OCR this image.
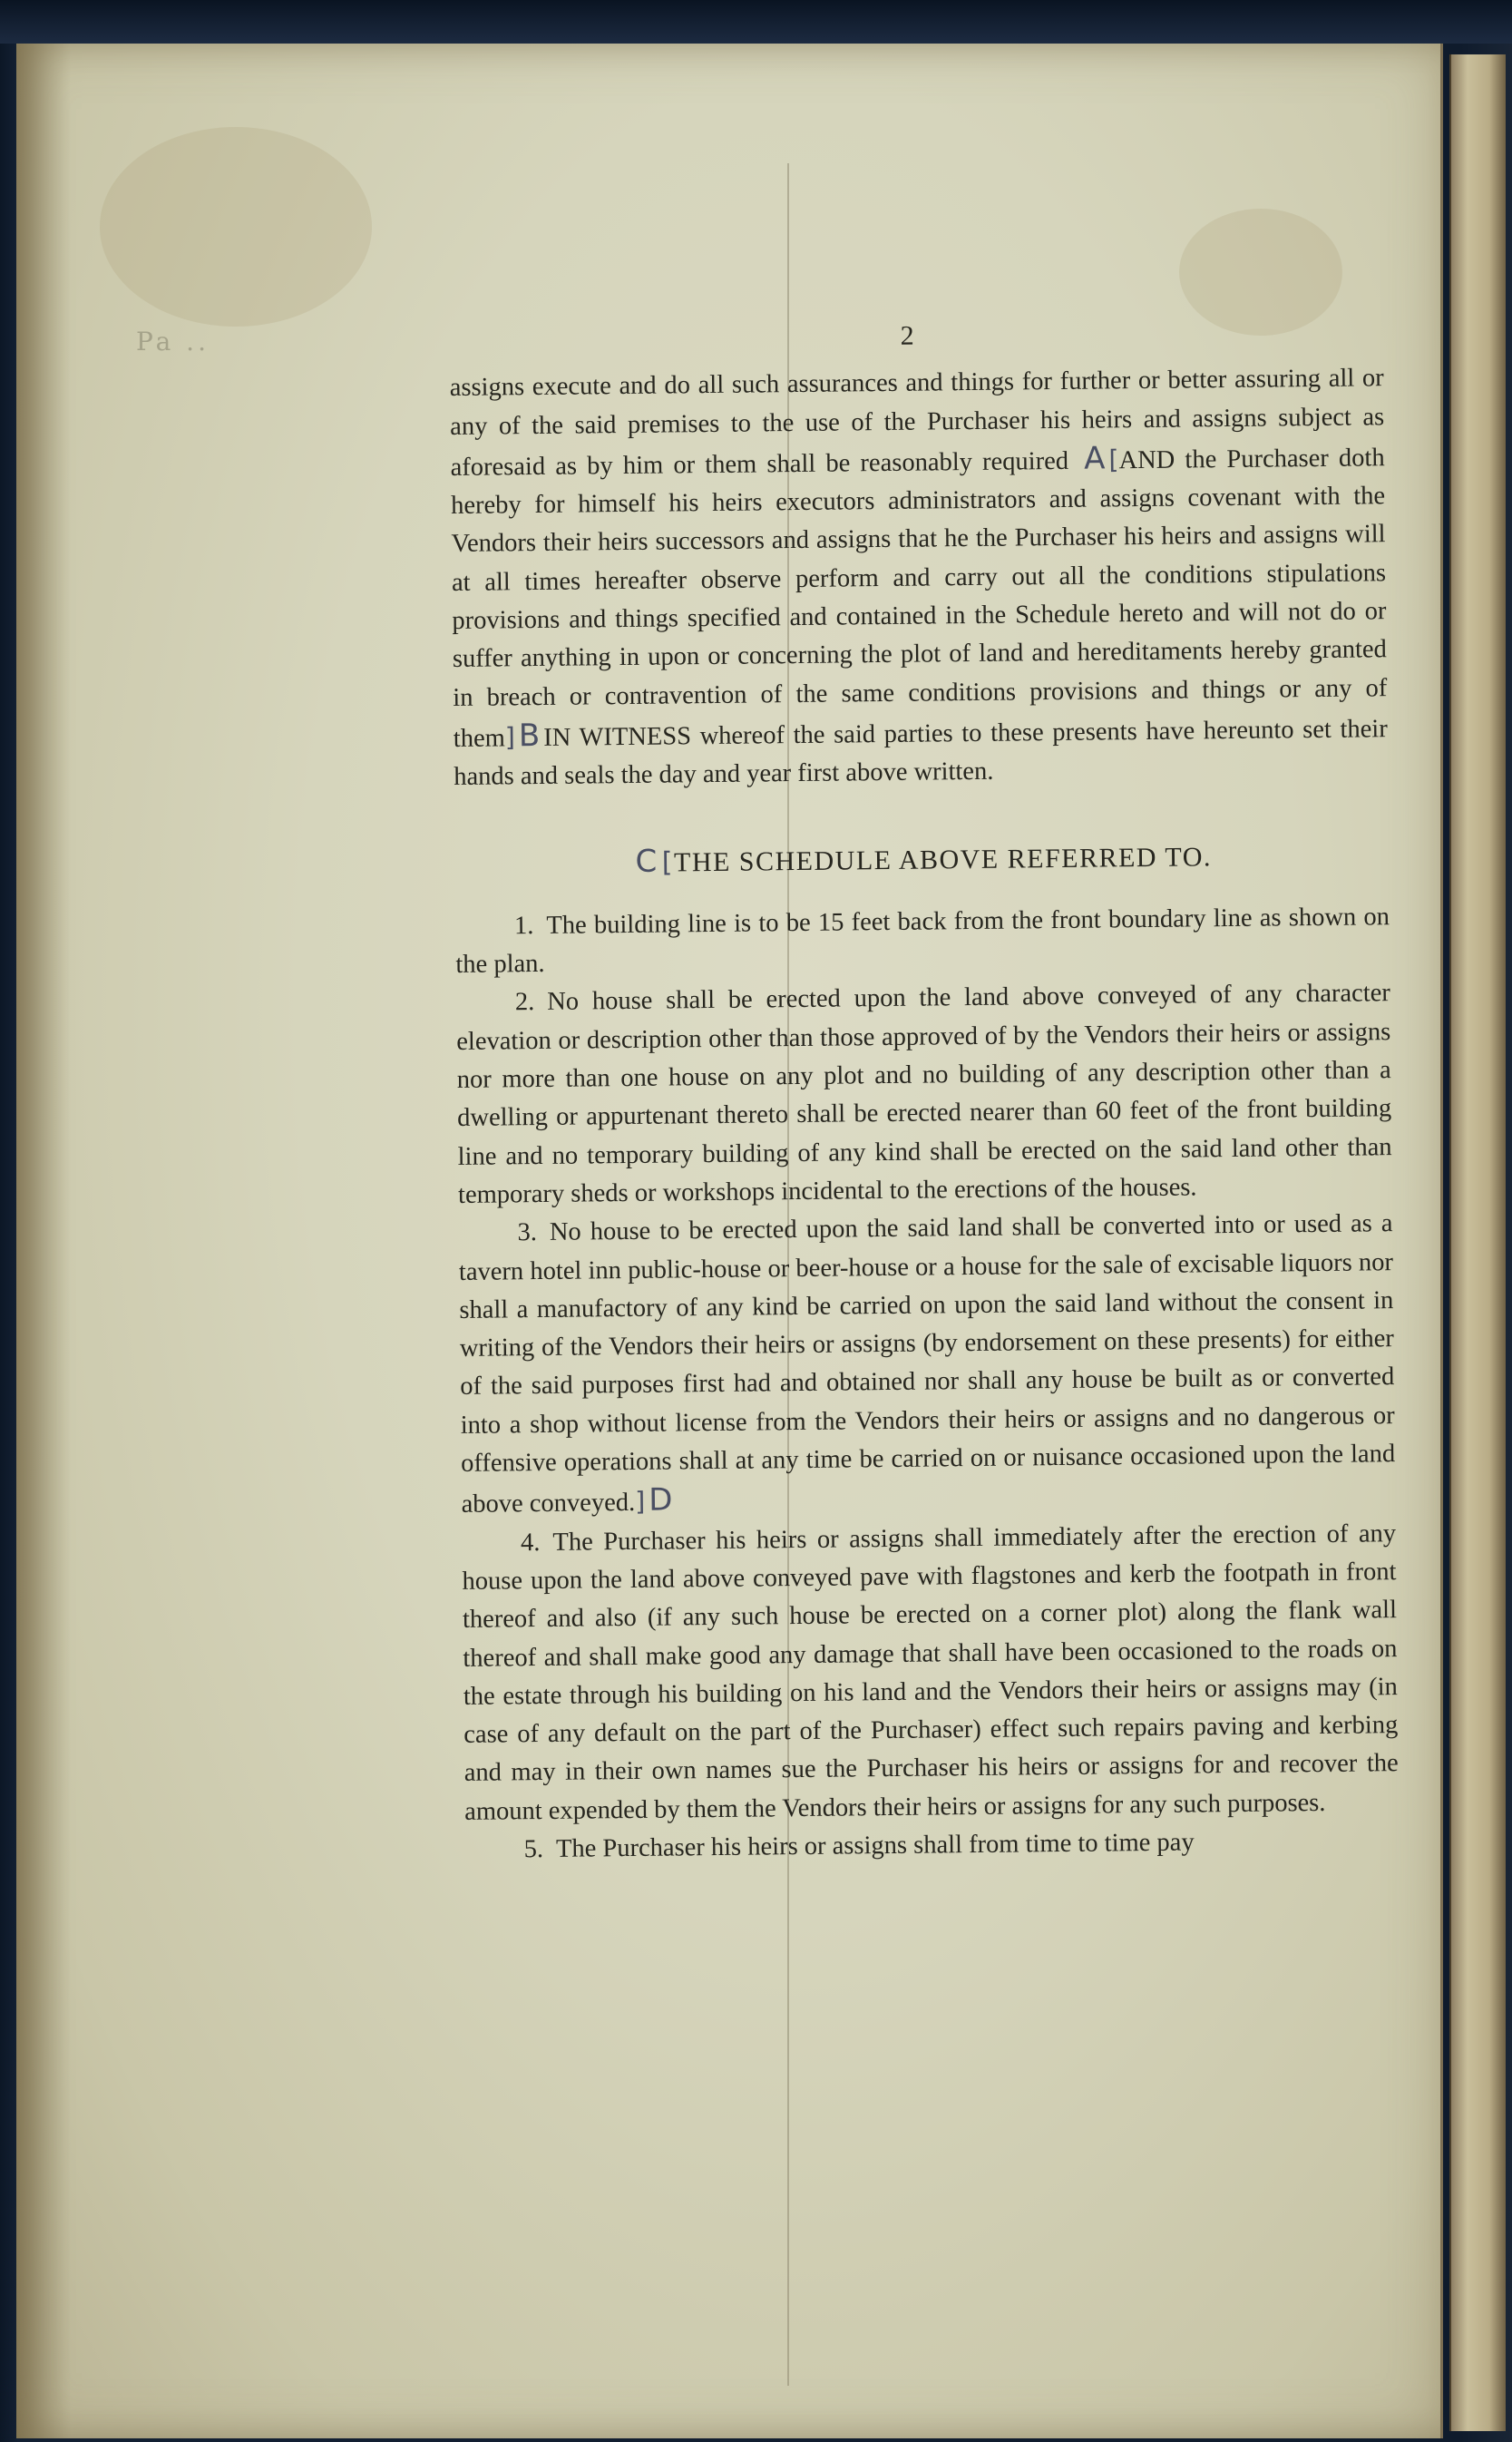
Pa ..	2

assigns execute and do all such assurances and things for further or better assuring all or any of the said premises to the use of the Purchaser his heirs and assigns subject as aforesaid as by him or them shall be reasonably required A [AND the Purchaser doth hereby for himself his heirs executors administrators and assigns covenant with the Vendors their heirs successors and assigns that he the Purchaser his heirs and assigns will at all times hereafter observe perform and carry out all the conditions stipulations provisions and things specified and contained in the Schedule hereto and will not do or suffer anything in upon or concerning the plot of land and hereditaments hereby granted in breach or contravention of the same conditions provisions and things or any of them] B IN WITNESS whereof the said parties to these presents have hereunto set their hands and seals the day and year first above written.

C [THE SCHEDULE ABOVE REFERRED TO.

1. The building line is to be 15 feet back from the front boundary line as shown on the plan.

2. No house shall be erected upon the land above conveyed of any character elevation or description other than those approved of by the Vendors their heirs or assigns nor more than one house on any plot and no building of any description other than a dwelling or appurtenant thereto shall be erected nearer than 60 feet of the front building line and no temporary building of any kind shall be erected on the said land other than temporary sheds or workshops incidental to the erections of the houses.

3. No house to be erected upon the said land shall be converted into or used as a tavern hotel inn public-house or beer-house or a house for the sale of excisable liquors nor shall a manufactory of any kind be carried on upon the said land without the consent in writing of the Vendors their heirs or assigns (by endorsement on these presents) for either of the said purposes first had and obtained nor shall any house be built as or converted into a shop without license from the Vendors their heirs or assigns and no dangerous or offensive operations shall at any time be carried on or nuisance occasioned upon the land above conveyed.] D

4. The Purchaser his heirs or assigns shall immediately after the erection of any house upon the land above conveyed pave with flagstones and kerb the footpath in front thereof and also (if any such house be erected on a corner plot) along the flank wall thereof and shall make good any damage that shall have been occasioned to the roads on the estate through his building on his land and the Vendors their heirs or assigns may (in case of any default on the part of the Purchaser) effect such repairs paving and kerbing and may in their own names sue the Purchaser his heirs or assigns for and recover the amount expended by them the Vendors their heirs or assigns for any such purposes.

5. The Purchaser his heirs or assigns shall from time to time pay
